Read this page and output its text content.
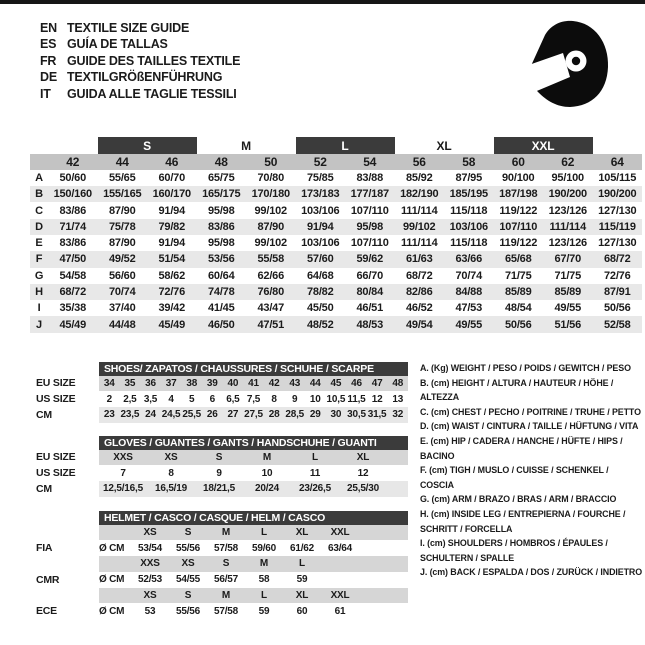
EN TEXTILE SIZE GUIDE
ES GUÍA DE TALLAS
FR GUIDE DES TAILLES TEXTILE
DE TEXTILGRÖßENFÜHRUNG
IT	GUIDA ALLE TAGLIE TESSILI
S	M	L	XL	XXL
42	44	46	48	50	52	54	56	58	60	62	64
A	50/60	55/65	60/70	65/75	70/80	75/85	83/88	85/92	87/95	90/100	95/100	105/115
B 150/160	155/165	160/170	165/175	170/180	173/183	177/187	182/190	185/195	187/198	190/200	190/200
C	83/86	87/90	91/94	95/98	99/102	103/106	107/110	111/114	115/118	119/122	123/126	127/130
D	71/74	75/78	79/82	83/86	87/90	91/94	95/98	99/102	103/106	107/110	111/114	115/119
E	83/86	87/90	91/94	95/98	99/102	103/106	107/110	111/114	115/118	119/122	123/126	127/130
F	47/50	49/52	51/54	53/56	55/58	57/60	59/62	61/63	63/66	65/68	67/70	68/72
G	54/58	56/60	58/62	60/64	62/66	64/68	66/70	68/72	70/74	71/75	71/75	72/76
H	68/72	70/74	72/76	74/78	76/80	78/82	80/84	82/86	84/88	85/89	85/89	87/91
I	35/38	37/40	39/42	41/45	43/47	45/50	46/51	46/52	47/53	48/54	49/55	50/56
J	45/49	44/48	45/49	46/50	47/51	48/52	48/53	49/54	49/55	50/56	51/56	52/58
SHOES/ ZAPATOS / CHAUSSURES / SCHUHE / SCARPE
EU SIZE	34 35 36 37 38 39 40 41 42 43 44 45 46 47 48
US SIZE	2	2,5 3,5	4	5	6	6,5 7,5	8	9	10 10,5 11,5 12 13
CM	23 23,5 24 24,5 25,5 26 27 27,5 28 28,5 29 30 30,5 31,5 32
GLOVES / GUANTES / GANTS / HANDSCHUHE / GUANTI
EU SIZE	XXS	XS	S	M	L	XL
US SIZE	7	8	9	10	11	12
CM	12,5/16,5	16,5/19	18/21,5	20/24	23/26,5	25,5/30
HELMET / CASCO / CASQUE / HELM / CASCO
XS	S	M	L	XL	XXL
FIA	Ø CM	53/54	55/56	57/58	59/60	61/62	63/64
XXS	XS	S	M	L
CMR	Ø CM	52/53	54/55	56/57	58	59
XS	S	M	L	XL	XXL
ECE	Ø CM	53	55/56	57/58	59	60	61
A. (Kg) WEIGHT / PESO / POIDS / GEWITCH / PESO
B. (cm) HEIGHT / ALTURA / HAUTEUR / HÖHE / ALTEZZA
C. (cm) CHEST / PECHO / POITRINE / TRUHE / PETTO
D. (cm) WAIST / CINTURA / TAILLE / HÜFTUNG / VITA
E. (cm) HIP / CADERA / HANCHE / HÜFTE / HIPS / BACINO
F. (cm) TIGH / MUSLO / CUISSE / SCHENKEL / COSCIA
G. (cm) ARM / BRAZO / BRAS / ARM / BRACCIO
H. (cm) INSIDE LEG / ENTREPIERNA / FOURCHE / SCHRITT / FORCELLA
I. (cm) SHOULDERS / HOMBROS / ÉPAULES / SCHULTERN / SPALLE
J. (cm) BACK / ESPALDA / DOS / ZURÜCK / INDIETRO
